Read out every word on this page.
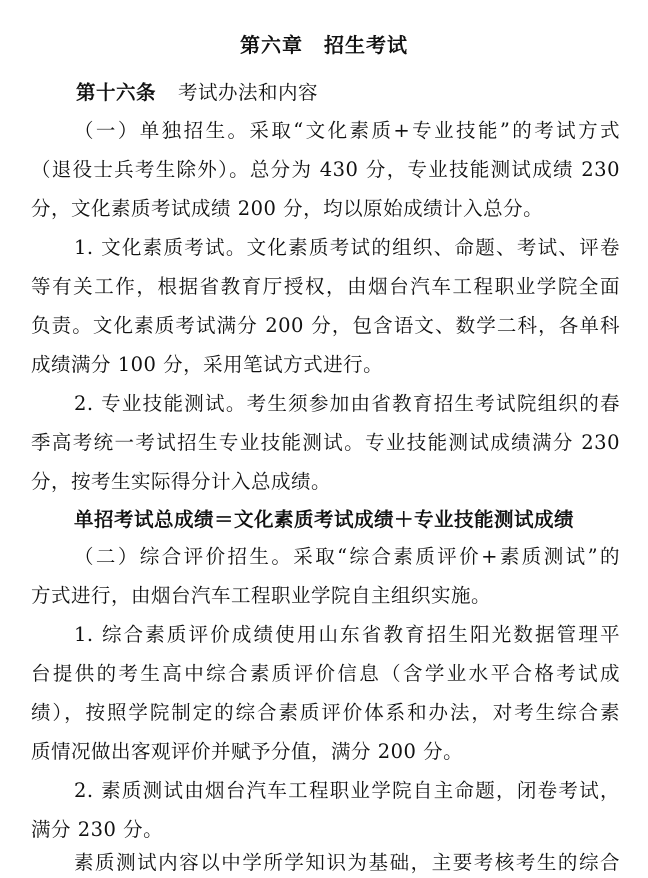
第六章　招生考试
第十六条 考试办法和内容
（一）单独招生。采取“文化素质+专业技能”的考试方式
（退役士兵考生除外）。总分为 430 分，专业技能测试成绩 230
分，文化素质考试成绩 200 分，均以原始成绩计入总分。
1. 文化素质考试。文化素质考试的组织、命题、考试、评卷
等有关工作，根据省教育厅授权，由烟台汽车工程职业学院全面
负责。文化素质考试满分 200 分，包含语文、数学二科，各单科
成绩满分 100 分，采用笔试方式进行。
2. 专业技能测试。考生须参加由省教育招生考试院组织的春
季高考统一考试招生专业技能测试。专业技能测试成绩满分 230
分，按考生实际得分计入总成绩。
单招考试总成绩＝文化素质考试成绩＋专业技能测试成绩
（二）综合评价招生。采取“综合素质评价+素质测试”的
方式进行，由烟台汽车工程职业学院自主组织实施。
1. 综合素质评价成绩使用山东省教育招生阳光数据管理平
台提供的考生高中综合素质评价信息（含学业水平合格考试成
绩），按照学院制定的综合素质评价体系和办法，对考生综合素
质情况做出客观评价并赋予分值，满分 200 分。
2. 素质测试由烟台汽车工程职业学院自主命题，闭卷考试，
满分 230 分。
素质测试内容以中学所学知识为基础，主要考核考生的综合
